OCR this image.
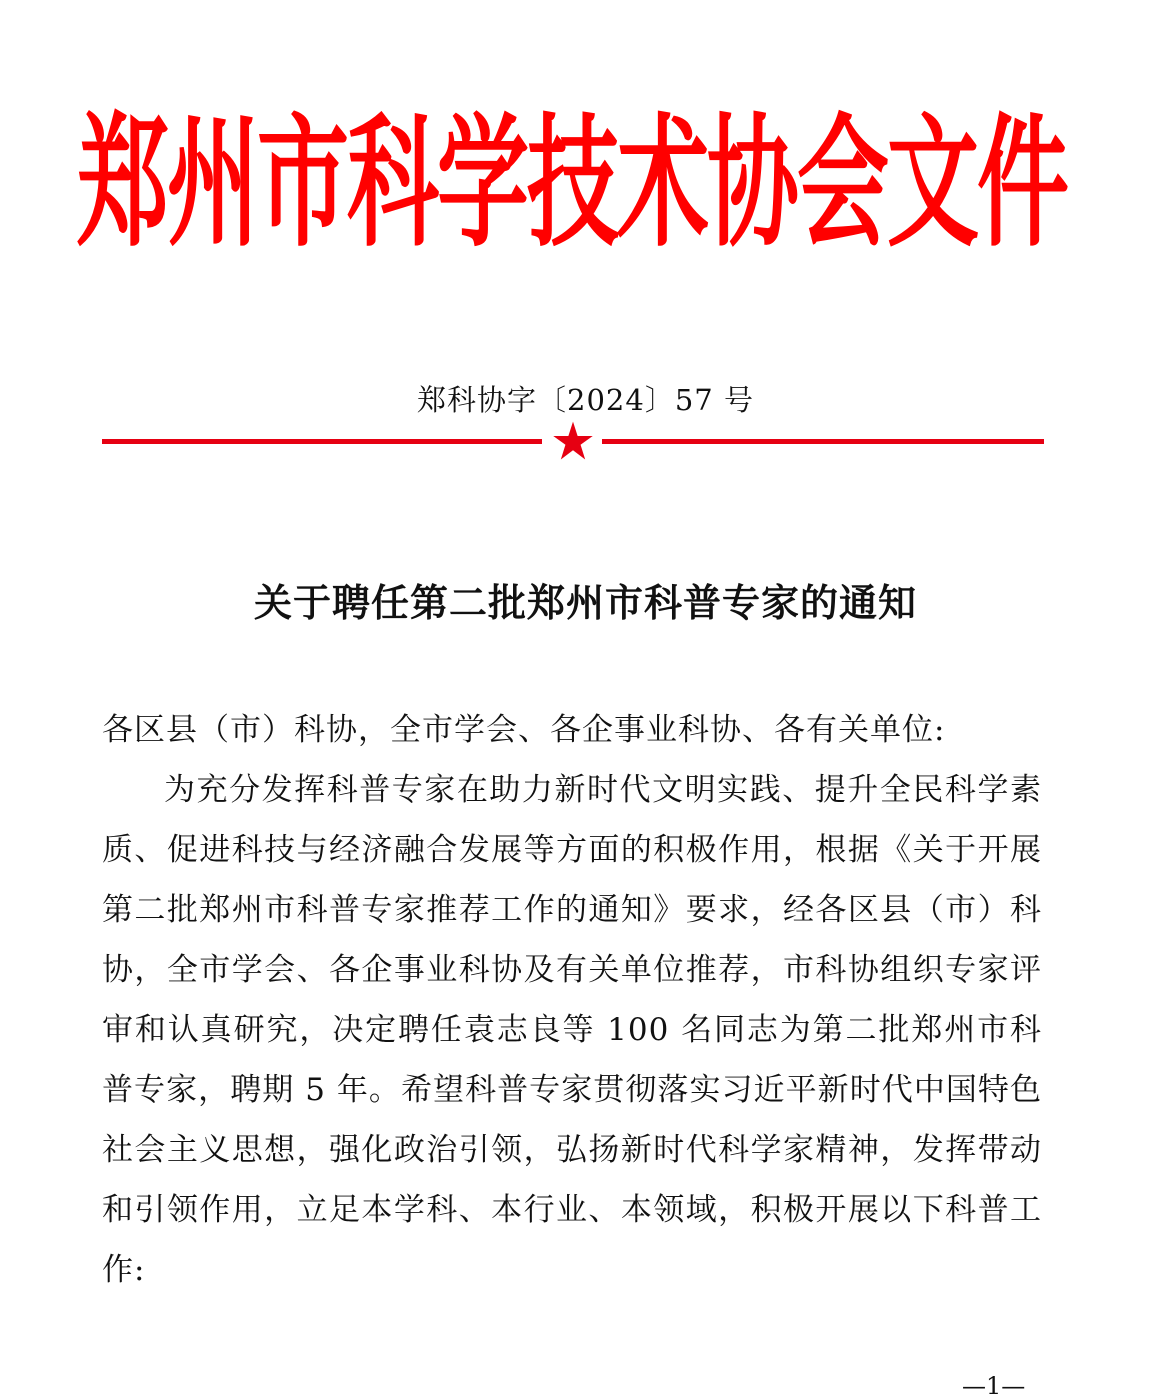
郑州市科学技术协会文件
郑科协字〔2024〕57 号
关于聘任第二批郑州市科普专家的通知

各区县（市）科协，全市学会、各企事业科协、各有关单位:

为充分发挥科普专家在助力新时代文明实践、提升全民科学素质、促进科技与经济融合发展等方面的积极作用，根据《关于开展第二批郑州市科普专家推荐工作的通知》要求，经各区县（市）科协，全市学会、各企事业科协及有关单位推荐，市科协组织专家评审和认真研究，决定聘任袁志良等 100 名同志为第二批郑州市科普专家，聘期 5 年。希望科普专家贯彻落实习近平新时代中国特色社会主义思想，强化政治引领，弘扬新时代科学家精神，发挥带动和引领作用，立足本学科、本行业、本领域，积极开展以下科普工作:

—1—
